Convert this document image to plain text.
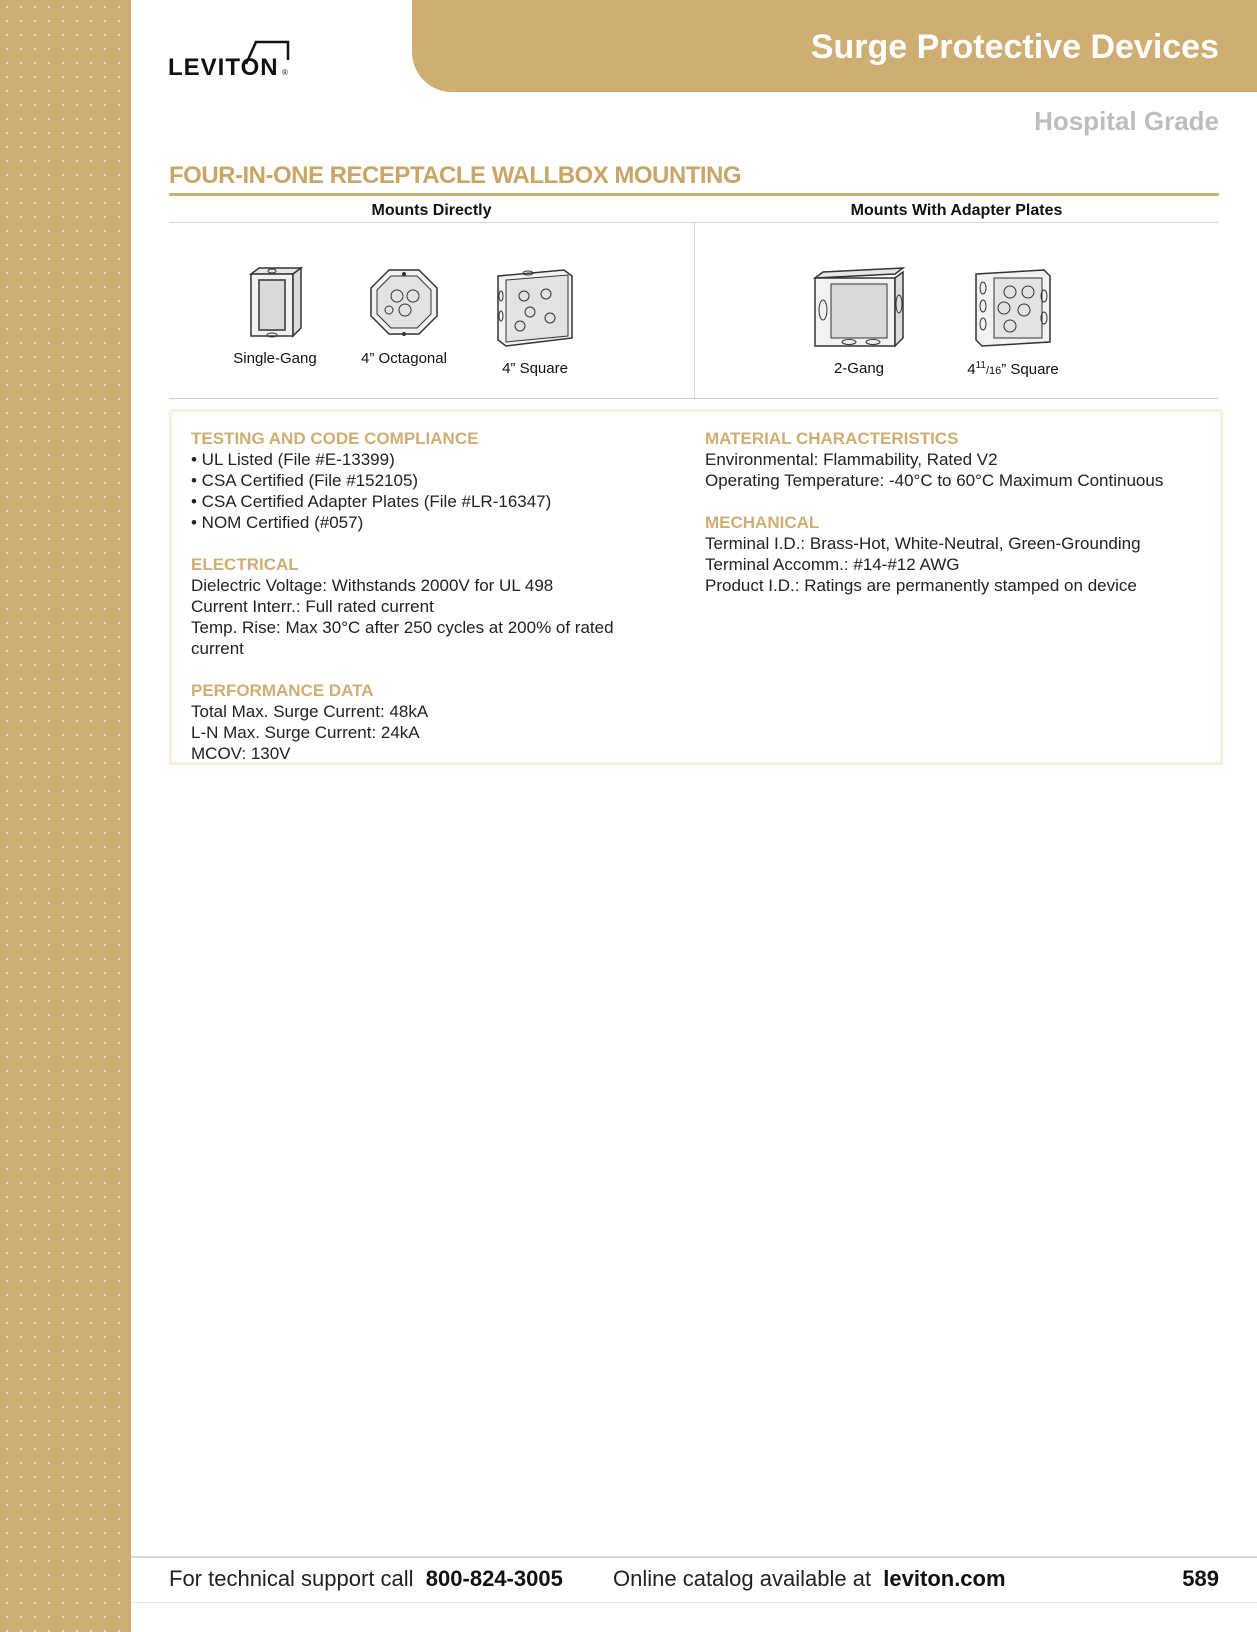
LEVITON ®
Surge Protective Devices
Hospital Grade
FOUR-IN-ONE RECEPTACLE WALLBOX MOUNTING
Mounts Directly	Mounts With Adapter Plates
Single-Gang	4” Octagonal
4” Square	2-Gang	$4^{11}/16$” Square
TESTING AND CODE COMPLIANCE
• UL Listed (File #E-13399)
• CSA Certified (File #152105)
• CSA Certified Adapter Plates (File #LR-16347)
• NOM Certified (#057)
ELECTRICAL
Dielectric Voltage: Withstands 2000V for UL 498
Current Interr.: Full rated current
Temp. Rise: Max 30°C after 250 cycles at 200% of rated current
PERFORMANCE DATA
Total Max. Surge Current: 48kA
L-N Max. Surge Current: 24kA
MCOV: 130V
MATERIAL CHARACTERISTICS
Environmental: Flammability, Rated V2
Operating Temperature: -40°C to 60°C Maximum Continuous
MECHANICAL
Terminal I.D.: Brass-Hot, White-Neutral, Green-Grounding
Terminal Accomm.: #14-#12 AWG
Product I.D.: Ratings are permanently stamped on device
For technical support call 800-824-3005 Online catalog available at leviton.com	589
